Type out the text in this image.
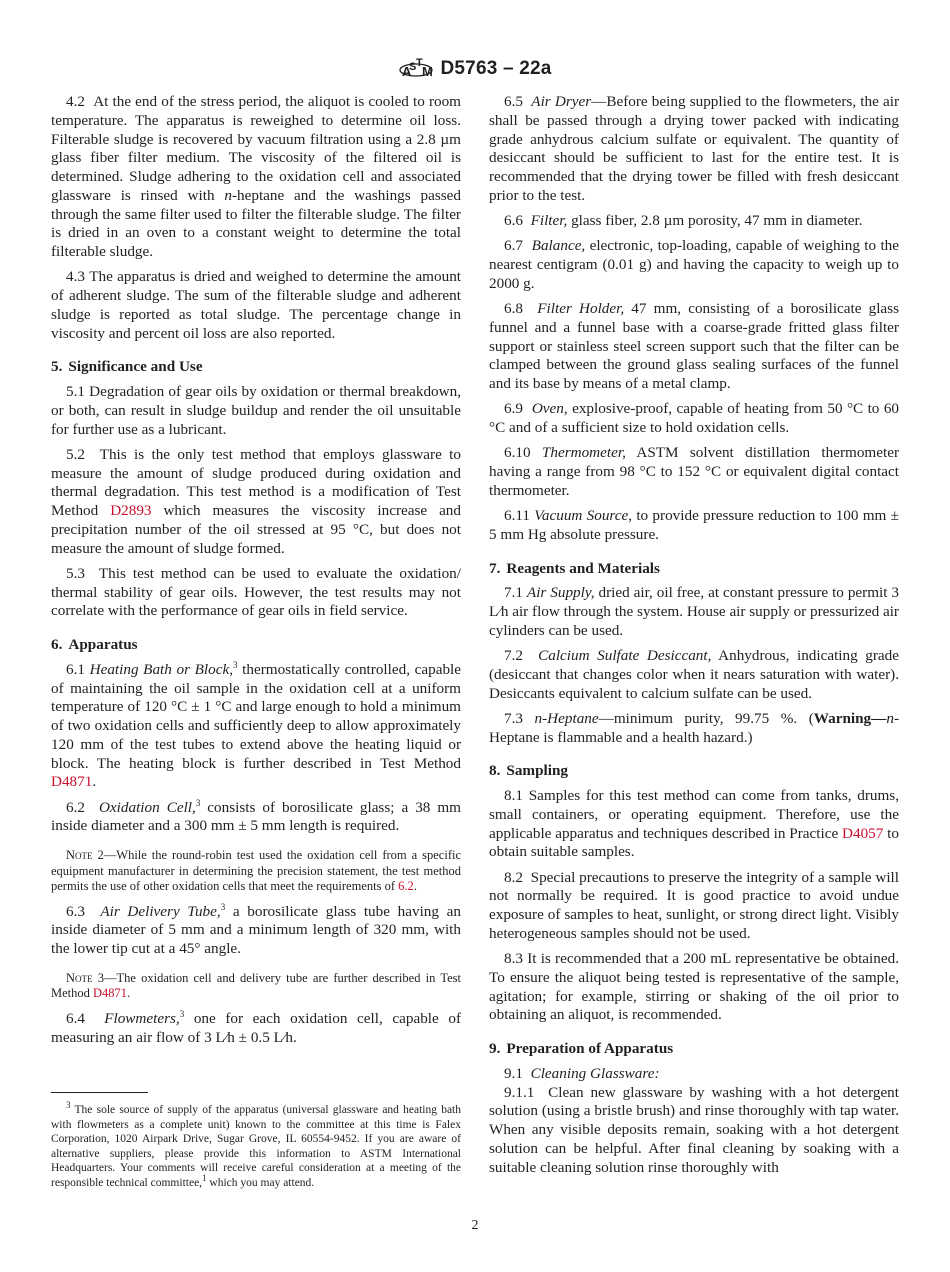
A
S T
M D5763 – 22a

4.2 At the end of the stress period, the aliquot is cooled to room temperature. The apparatus is reweighed to determine oil loss. Filterable sludge is recovered by vacuum filtration using a 2.8 µm glass fiber filter medium. The viscosity of the filtered oil is determined. Sludge adhering to the oxidation cell and associated glassware is rinsed with n-heptane and the washings passed through the same filter used to filter the filterable sludge. The filter is dried in an oven to a constant weight to determine the total filterable sludge.

4.3 The apparatus is dried and weighed to determine the amount of adherent sludge. The sum of the filterable sludge and adherent sludge is reported as total sludge. The percentage change in viscosity and percent oil loss are also reported.

5. Significance and Use

5.1 Degradation of gear oils by oxidation or thermal breakdown, or both, can result in sludge buildup and render the oil unsuitable for further use as a lubricant.

5.2 This is the only test method that employs glassware to measure the amount of sludge produced during oxidation and thermal degradation. This test method is a modification of Test Method D2893 which measures the viscosity increase and precipitation number of the oil stressed at 95 °C, but does not measure the amount of sludge formed.

5.3 This test method can be used to evaluate the oxidation/ thermal stability of gear oils. However, the test results may not correlate with the performance of gear oils in field service.

6. Apparatus

6.1 Heating Bath or Block,$^3$ thermostatically controlled, capable of maintaining the oil sample in the oxidation cell at a uniform temperature of 120 °C ± 1 °C and large enough to hold a minimum of two oxidation cells and sufficiently deep to allow approximately 120 mm of the test tubes to extend above the heating liquid or block. The heating block is further described in Test Method D4871.

6.2 Oxidation Cell,$^3$ consists of borosilicate glass; a 38 mm inside diameter and a 300 mm ± 5 mm length is required.

Note 2—While the round-robin test used the oxidation cell from a specific equipment manufacturer in determining the precision statement, the test method permits the use of other oxidation cells that meet the requirements of 6.2.

6.3 Air Delivery Tube,$^3$ a borosilicate glass tube having an inside diameter of 5 mm and a minimum length of 320 mm, with the lower tip cut at a 45° angle.

Note 3—The oxidation cell and delivery tube are further described in Test Method D4871.

6.4 Flowmeters,$^3$ one for each oxidation cell, capable of measuring an air flow of 3 L⁄h ± 0.5 L⁄h.

6.5 Air Dryer—Before being supplied to the flowmeters, the air shall be passed through a drying tower packed with indicating grade anhydrous calcium sulfate or equivalent. The quantity of desiccant should be sufficient to last for the entire test. It is recommended that the drying tower be filled with fresh desiccant prior to the test.

6.6 Filter, glass fiber, 2.8 µm porosity, 47 mm in diameter.

6.7 Balance, electronic, top-loading, capable of weighing to the nearest centigram (0.01 g) and having the capacity to weigh up to 2000 g.

6.8 Filter Holder, 47 mm, consisting of a borosilicate glass funnel and a funnel base with a coarse-grade fritted glass filter support or stainless steel screen support such that the filter can be clamped between the ground glass sealing surfaces of the funnel and its base by means of a metal clamp.

6.9 Oven, explosive-proof, capable of heating from 50 °C to 60 °C and of a sufficient size to hold oxidation cells.

6.10 Thermometer, ASTM solvent distillation thermometer having a range from 98 °C to 152 °C or equivalent digital contact thermometer.

6.11 Vacuum Source, to provide pressure reduction to 100 mm ± 5 mm Hg absolute pressure.

7. Reagents and Materials

7.1 Air Supply, dried air, oil free, at constant pressure to permit 3 L⁄h air flow through the system. House air supply or pressurized air cylinders can be used.

7.2 Calcium Sulfate Desiccant, Anhydrous, indicating grade (desiccant that changes color when it nears saturation with water). Desiccants equivalent to calcium sulfate can be used.

7.3 n-Heptane—minimum purity, 99.75 %. (Warning—n-Heptane is flammable and a health hazard.)

8. Sampling

8.1 Samples for this test method can come from tanks, drums, small containers, or operating equipment. Therefore, use the applicable apparatus and techniques described in Practice D4057 to obtain suitable samples.

8.2 Special precautions to preserve the integrity of a sample will not normally be required. It is good practice to avoid undue exposure of samples to heat, sunlight, or strong direct light. Visibly heterogeneous samples should not be used.

8.3 It is recommended that a 200 mL representative be obtained. To ensure the aliquot being tested is representative of the sample, agitation; for example, stirring or shaking of the oil prior to obtaining an aliquot, is recommended.

9. Preparation of Apparatus

9.1 Cleaning Glassware:

9.1.1 Clean new glassware by washing with a hot detergent solution (using a bristle brush) and rinse thoroughly with tap water. When any visible deposits remain, soaking with a hot detergent solution can be helpful. After final cleaning by soaking with a suitable cleaning solution rinse thoroughly with

$^3$ The sole source of supply of the apparatus (universal glassware and heating bath with flowmeters as a complete unit) known to the committee at this time is Falex Corporation, 1020 Airpark Drive, Sugar Grove, IL 60554-9452. If you are aware of alternative suppliers, please provide this information to ASTM International Headquarters. Your comments will receive careful consideration at a meeting of the responsible technical committee,$^1$ which you may attend.
2
